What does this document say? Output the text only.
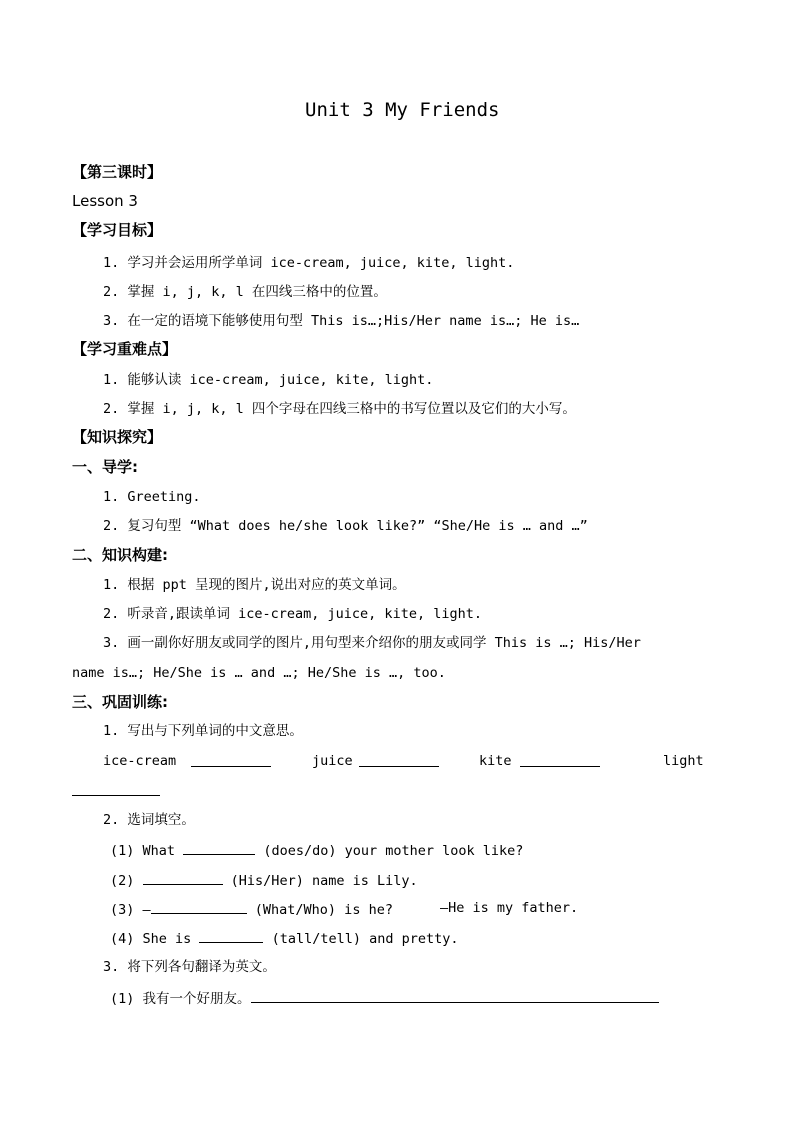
Unit 3 My Friends
【第三课时】
Lesson 3
【学习目标】
1. 学习并会运用所学单词 ice-cream, juice, kite, light.
2. 掌握 i, j, k, l 在四线三格中的位置。
3. 在一定的语境下能够使用句型 This is…;His/Her name is…; He is…
【学习重难点】
1. 能够认读 ice-cream, juice, kite, light.
2. 掌握 i, j, k, l 四个字母在四线三格中的书写位置以及它们的大小写。
【知识探究】
一、导学:
1. Greeting.
2. 复习句型 “What does he/she look like?” “She/He is … and …”
二、知识构建:
1. 根据 ppt 呈现的图片,说出对应的英文单词。
2. 听录音,跟读单词 ice-cream, juice, kite, light.
3. 画一副你好朋友或同学的图片,用句型来介绍你的朋友或同学 This is …; His/Her
name is…; He/She is … and …; He/She is …, too.
三、巩固训练:
1. 写出与下列单词的中文意思。
ice-cream	juice	kite	light
2. 选词填空。
(1) What	(does/do) your mother look like?
(2)	(His/Her) name is Lily.
(3) —	(What/Who) is he?	—He is my father.
(4) She is	(tall/tell) and pretty.
3. 将下列各句翻译为英文。
(1) 我有一个好朋友。
